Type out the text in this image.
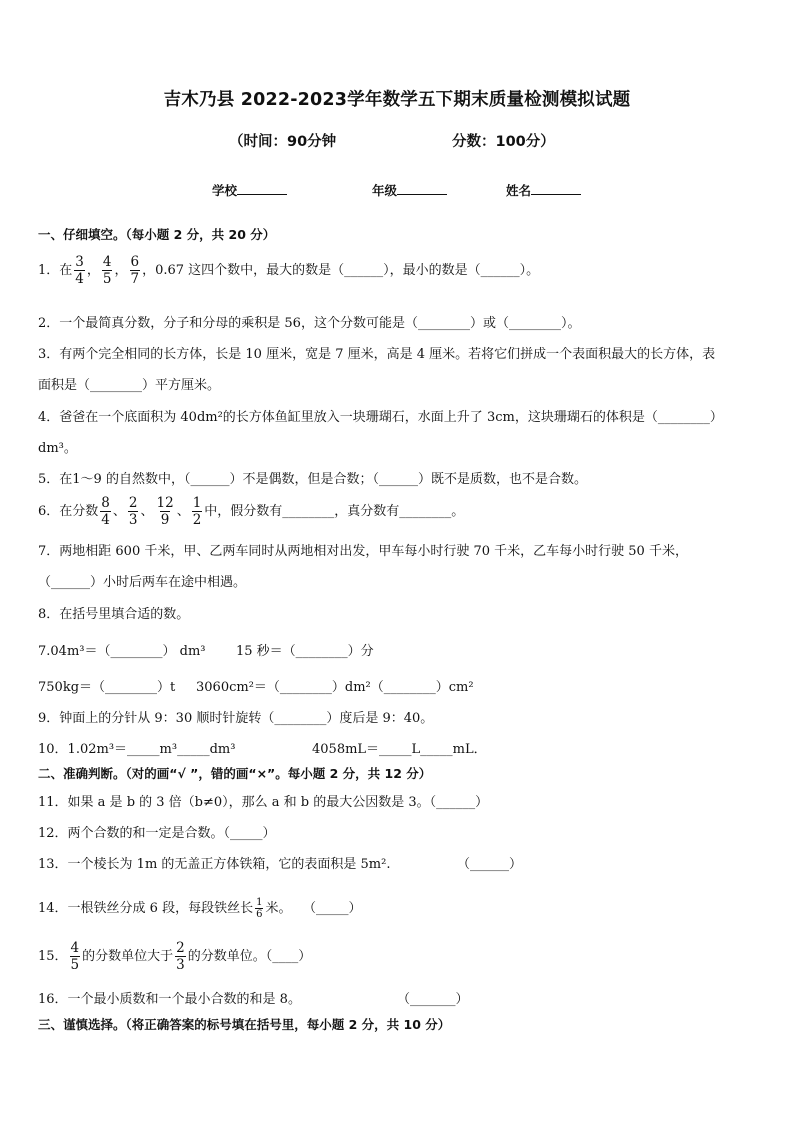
吉木乃县 2022-2023学年数学五下期末质量检测模拟试题
（时间：90分钟	分数：100分）
学校	年级	姓名
一、仔细填空。（每小题 2 分，共 20 分）
1．在 $\frac{3}{4}$ ， $\frac{4}{5}$ ， $\frac{6}{7}$ ，0.67 这四个数中，最大的数是（______），最小的数是（______）。
2．一个最简真分数，分子和分母的乘积是 56，这个分数可能是（________）或（________）。
3．有两个完全相同的长方体，长是 10 厘米，宽是 7 厘米，高是 4 厘米。若将它们拼成一个表面积最大的长方体，表
面积是（________）平方厘米。
4．爸爸在一个底面积为 40dm²的长方体鱼缸里放入一块珊瑚石，水面上升了 3cm，这块珊瑚石的体积是（________）
dm³。
5．在1～9 的自然数中，（______）不是偶数，但是合数；（______）既不是质数，也不是合数。
6．在分数 $\frac{8}{4}$ 、 $\frac{2}{3}$ 、 $\frac{12}{9}$ 、 $\frac{1}{2}$ 中，假分数有________，真分数有________。
7．两地相距 600 千米，甲、乙两车同时从两地相对出发，甲车每小时行驶 70 千米，乙车每小时行驶 50 千米，
（______）小时后两车在途中相遇。
8．在括号里填合适的数。
7.04m³＝（________） dm³ 15 秒＝（________）分
750kg＝（________）t 3060cm²＝（________）dm²（________）cm²
9．钟面上的分针从 9：30 顺时针旋转（________）度后是 9：40。
10．1.02m³＝_____m³_____dm³	4058mL＝_____L_____mL．
二、准确判断。（对的画“√ ”，错的画“×”。每小题 2 分，共 12 分）
11．如果 a 是 b 的 3 倍（b≠0），那么 a 和 b 的最大公因数是 3。（______）
12．两个合数的和一定是合数。（_____）
13．一个棱长为 1m 的无盖正方体铁箱，它的表面积是 5m².	（______）
14．一根铁丝分成 6 段，每段铁丝长 $\frac{1}{6}$ 米。 （_____）
15． $\frac{4}{5}$ 的分数单位大于 $\frac{2}{3}$ 的分数单位。（____）
16．一个最小质数和一个最小合数的和是 8。	（_______）
三、谨慎选择。（将正确答案的标号填在括号里，每小题 2 分，共 10 分）
